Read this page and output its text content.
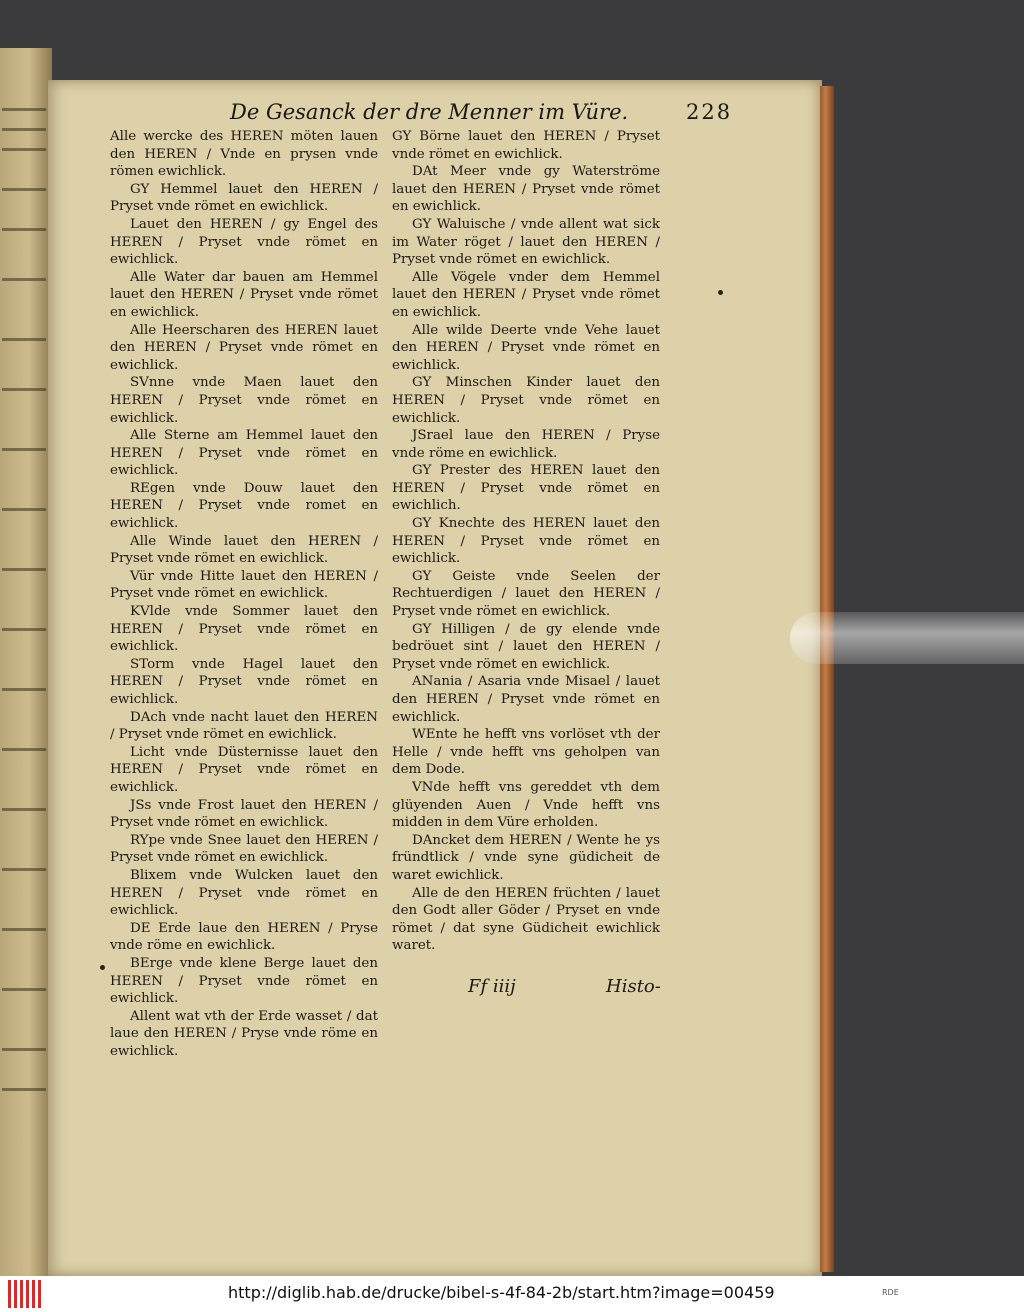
De Gesanck der dre Menner im Vüre.	228

Alle wercke des HEREN möten lauen den HEREN / Vnde en prysen vnde römen ewichlick.

GY Hemmel lauet den HEREN / Pryset vnde römet en ewichlick.

Lauet den HEREN / gy Engel des HEREN / Pryset vnde römet en ewichlick.

Alle Water dar bauen am Hemmel lauet den HEREN / Pryset vnde römet en ewichlick.

Alle Heerscharen des HEREN lauet den HEREN / Pryset vnde römet en ewichlick.

SVnne vnde Maen lauet den HEREN / Pryset vnde römet en ewichlick.

Alle Sterne am Hemmel lauet den HEREN / Pryset vnde römet en ewichlick.

REgen vnde Douw lauet den HEREN / Pryset vnde romet en ewichlick.

Alle Winde lauet den HEREN / Pryset vnde römet en ewichlick.

Vür vnde Hitte lauet den HEREN / Pryset vnde römet en ewichlick.

KVlde vnde Sommer lauet den HEREN / Pryset vnde römet en ewichlick.

STorm vnde Hagel lauet den HEREN / Pryset vnde römet en ewichlick.

DAch vnde nacht lauet den HEREN / Pryset vnde römet en ewichlick.

Licht vnde Düsternisse lauet den HEREN / Pryset vnde römet en ewichlick.

JSs vnde Frost lauet den HEREN / Pryset vnde römet en ewichlick.

RYpe vnde Snee lauet den HEREN / Pryset vnde römet en ewichlick.

Blixem vnde Wulcken lauet den HEREN / Pryset vnde römet en ewichlick.

DE Erde laue den HEREN / Pryse vnde röme en ewichlick.

BErge vnde klene Berge lauet den HEREN / Pryset vnde römet en ewichlick.

Allent wat vth der Erde wasset / dat laue den HEREN / Pryse vnde röme en ewichlick.

GY Börne lauet den HEREN / Pryset vnde römet en ewichlick.

DAt Meer vnde gy Waterströme lauet den HEREN / Pryset vnde römet en ewichlick.

GY Waluische / vnde allent wat sick im Water röget / lauet den HEREN / Pryset vnde römet en ewichlick.

Alle Vögele vnder dem Hemmel lauet den HEREN / Pryset vnde römet en ewichlick.

Alle wilde Deerte vnde Vehe lauet den HEREN / Pryset vnde römet en ewichlick.

GY Minschen Kinder lauet den HEREN / Pryset vnde römet en ewichlick.

JSrael laue den HEREN / Pryse vnde röme en ewichlick.

GY Prester des HEREN lauet den HEREN / Pryset vnde römet en ewichlich.

GY Knechte des HEREN lauet den HEREN / Pryset vnde römet en ewichlick.

GY Geiste vnde Seelen der Rechtuerdigen / lauet den HEREN / Pryset vnde römet en ewichlick.

GY Hilligen / de gy elende vnde bedröuet sint / lauet den HEREN / Pryset vnde römet en ewichlick.

ANania / Asaria vnde Misael / lauet den HEREN / Pryset vnde römet en ewichlick.

WEnte he hefft vns vorlöset vth der Helle / vnde hefft vns geholpen van dem Dode.

VNde hefft vns gereddet vth dem glüyenden Auen / Vnde hefft vns midden in dem Vüre erholden.

DAncket dem HEREN / Wente he ys fründtlick / vnde syne güdicheit de waret ewichlick.

Alle de den HEREN früchten / lauet den Godt aller Göder / Pryset en vnde römet / dat syne Güdicheit ewichlick waret.

Ff iiij	Histo-
http://diglib.hab.de/drucke/bibel-s-4f-84-2b/start.htm?image=00459	RDE
